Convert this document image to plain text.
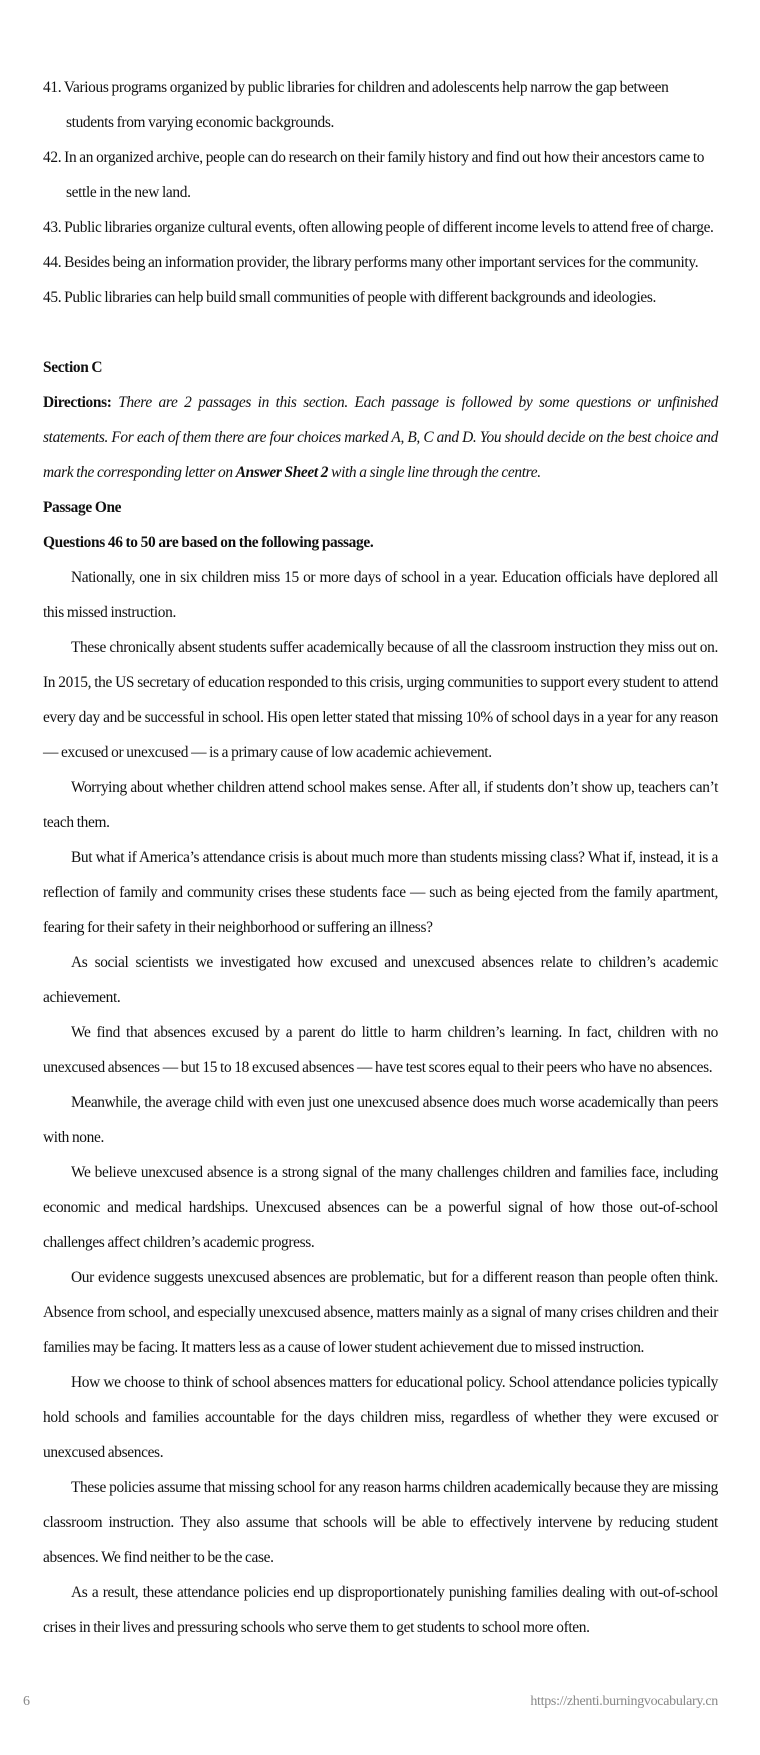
41. Various programs organized by public libraries for children and adolescents help narrow the gap between students from varying economic backgrounds.

42. In an organized archive, people can do research on their family history and find out how their ancestors came to settle in the new land.

43. Public libraries organize cultural events, often allowing people of different income levels to attend free of charge.

44. Besides being an information provider, the library performs many other important services for the community.

45. Public libraries can help build small communities of people with different backgrounds and ideologies.

Section C

Directions: There are 2 passages in this section. Each passage is followed by some questions or unfinished statements. For each of them there are four choices marked A, B, C and D. You should decide on the best choice and mark the corresponding letter on Answer Sheet 2 with a single line through the centre.

Passage One

Questions 46 to 50 are based on the following passage.

Nationally, one in six children miss 15 or more days of school in a year. Education officials have deplored all this missed instruction.

These chronically absent students suffer academically because of all the classroom instruction they miss out on. In 2015, the US secretary of education responded to this crisis, urging communities to support every student to attend every day and be successful in school. His open letter stated that missing 10% of school days in a year for any reason — excused or unexcused — is a primary cause of low academic achievement.

Worrying about whether children attend school makes sense. After all, if students don’t show up, teachers can’t teach them.

But what if America’s attendance crisis is about much more than students missing class? What if, instead, it is a reflection of family and community crises these students face — such as being ejected from the family apartment, fearing for their safety in their neighborhood or suffering an illness?

As social scientists we investigated how excused and unexcused absences relate to children’s academic achievement.

We find that absences excused by a parent do little to harm children’s learning. In fact, children with no unexcused absences — but 15 to 18 excused absences — have test scores equal to their peers who have no absences.

Meanwhile, the average child with even just one unexcused absence does much worse academically than peers with none.

We believe unexcused absence is a strong signal of the many challenges children and families face, including economic and medical hardships. Unexcused absences can be a powerful signal of how those out-of-school challenges affect children’s academic progress.

Our evidence suggests unexcused absences are problematic, but for a different reason than people often think. Absence from school, and especially unexcused absence, matters mainly as a signal of many crises children and their families may be facing. It matters less as a cause of lower student achievement due to missed instruction.

How we choose to think of school absences matters for educational policy. School attendance policies typically hold schools and families accountable for the days children miss, regardless of whether they were excused or unexcused absences.

These policies assume that missing school for any reason harms children academically because they are missing classroom instruction. They also assume that schools will be able to effectively intervene by reducing student absences. We find neither to be the case.

As a result, these attendance policies end up disproportionately punishing families dealing with out-of-school crises in their lives and pressuring schools who serve them to get students to school more often.

6	https://zhenti.burningvocabulary.cn
